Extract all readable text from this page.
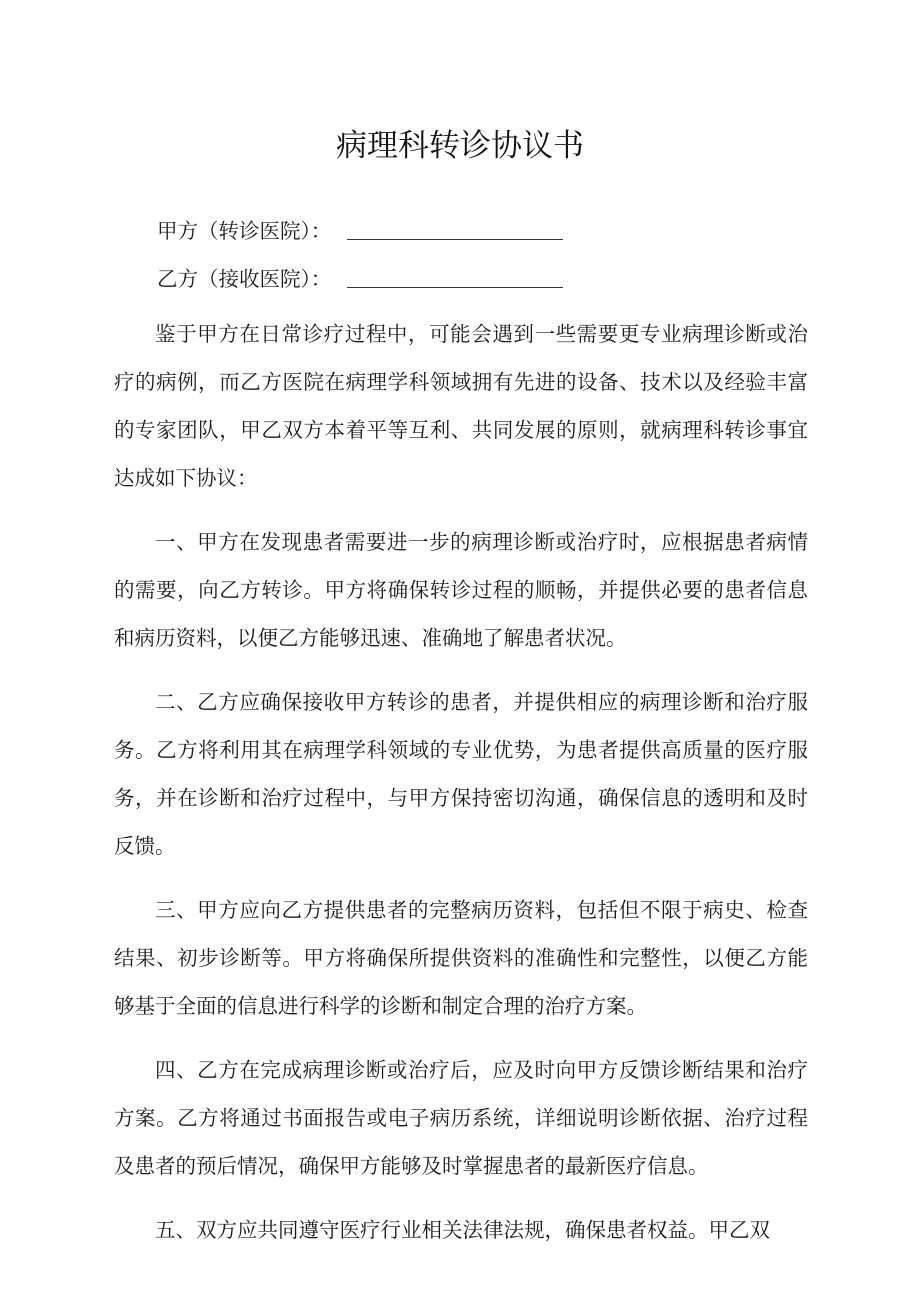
病理科转诊协议书
甲方（转诊医院）：
乙方（接收医院）：

鉴于甲方在日常诊疗过程中，可能会遇到一些需要更专业病理诊断或治疗的病例，而乙方医院在病理学科领域拥有先进的设备、技术以及经验丰富的专家团队，甲乙双方本着平等互利、共同发展的原则，就病理科转诊事宜达成如下协议：

一、甲方在发现患者需要进一步的病理诊断或治疗时，应根据患者病情的需要，向乙方转诊。甲方将确保转诊过程的顺畅，并提供必要的患者信息和病历资料，以便乙方能够迅速、准确地了解患者状况。

二、乙方应确保接收甲方转诊的患者，并提供相应的病理诊断和治疗服务。乙方将利用其在病理学科领域的专业优势，为患者提供高质量的医疗服务，并在诊断和治疗过程中，与甲方保持密切沟通，确保信息的透明和及时反馈。

三、甲方应向乙方提供患者的完整病历资料，包括但不限于病史、检查结果、初步诊断等。甲方将确保所提供资料的准确性和完整性，以便乙方能够基于全面的信息进行科学的诊断和制定合理的治疗方案。

四、乙方在完成病理诊断或治疗后，应及时向甲方反馈诊断结果和治疗方案。乙方将通过书面报告或电子病历系统，详细说明诊断依据、治疗过程及患者的预后情况，确保甲方能够及时掌握患者的最新医疗信息。

五、双方应共同遵守医疗行业相关法律法规，确保患者权益。甲乙双
